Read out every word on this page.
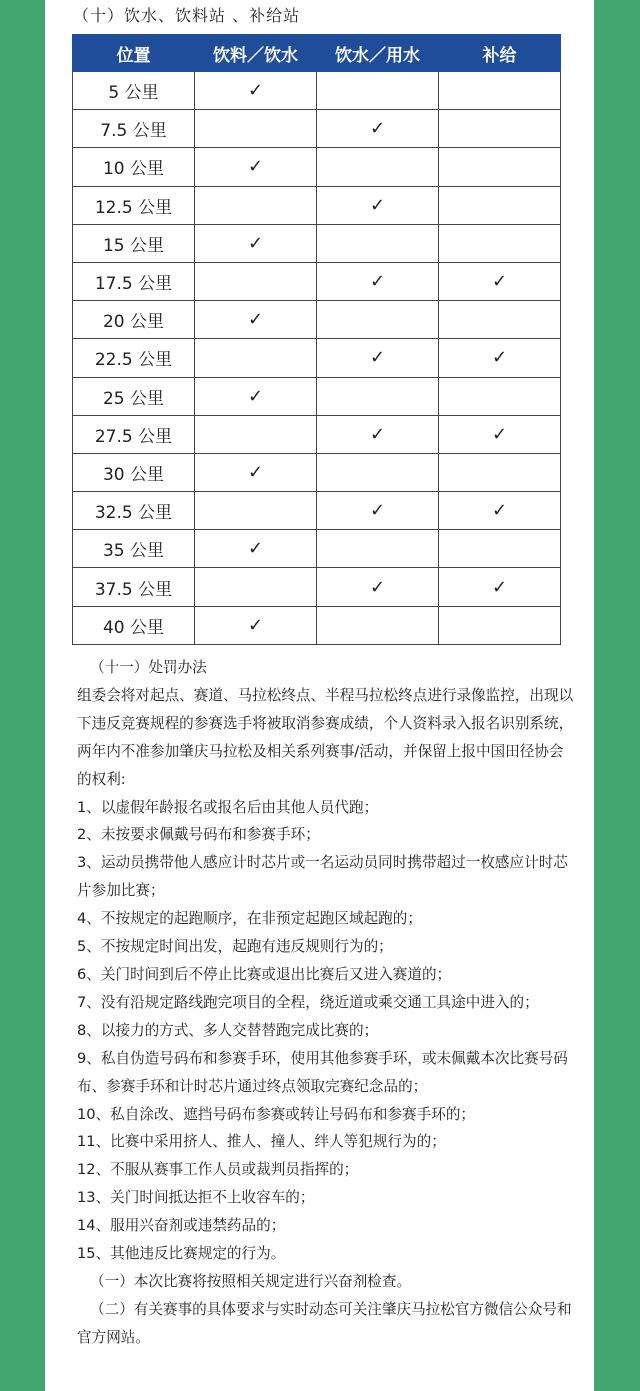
（十）饮水、饮料站 、补给站
位置	饮料／饮水	饮水／用水	补给
5 公里	✓		
7.5 公里		✓	
10 公里	✓		
12.5 公里		✓	
15 公里	✓		
17.5 公里		✓	✓
20 公里	✓		
22.5 公里		✓	✓
25 公里	✓		
27.5 公里		✓	✓
30 公里	✓		
32.5 公里		✓	✓
35 公里	✓		
37.5 公里		✓	✓
40 公里	✓		

（十一）处罚办法

组委会将对起点、赛道、马拉松终点、半程马拉松终点进行录像监控，出现以下违反竞赛规程的参赛选手将被取消参赛成绩，个人资料录入报名识别系统，两年内不准参加肇庆马拉松及相关系列赛事/活动，并保留上报中国田径协会的权利:

1、以虚假年龄报名或报名后由其他人员代跑；

2、未按要求佩戴号码布和参赛手环；

3、运动员携带他人感应计时芯片或一名运动员同时携带超过一枚感应计时芯片参加比赛；

4、不按规定的起跑顺序，在非预定起跑区域起跑的；

5、不按规定时间出发，起跑有违反规则行为的；

6、关门时间到后不停止比赛或退出比赛后又进入赛道的；

7、没有沿规定路线跑完项目的全程，绕近道或乘交通工具途中进入的；

8、以接力的方式、多人交替替跑完成比赛的；

9、私自伪造号码布和参赛手环，使用其他参赛手环，或未佩戴本次比赛号码布、参赛手环和计时芯片通过终点领取完赛纪念品的；

10、私自涂改、遮挡号码布参赛或转让号码布和参赛手环的；

11、比赛中采用挤人、推人、撞人、绊人等犯规行为的；

12、不服从赛事工作人员或裁判员指挥的；

13、关门时间抵达拒不上收容车的；

14、服用兴奋剂或违禁药品的；

15、其他违反比赛规定的行为。

（一）本次比赛将按照相关规定进行兴奋剂检查。

（二）有关赛事的具体要求与实时动态可关注肇庆马拉松官方微信公众号和官方网站。
